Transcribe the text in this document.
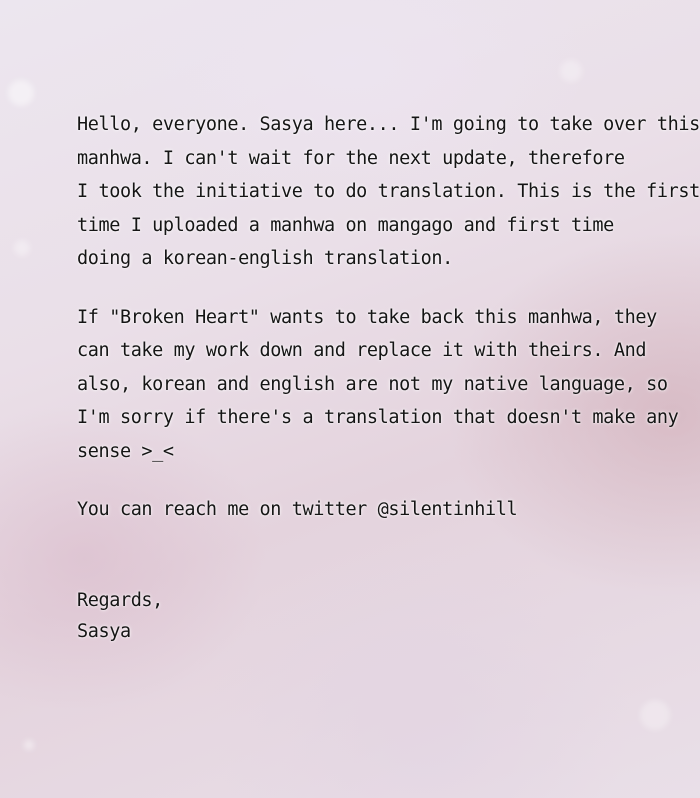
Hello, everyone. Sasya here... I'm going to take over this
manhwa. I can't wait for the next update, therefore
I took the initiative to do translation. This is the first
time I uploaded a manhwa on mangago and first time
doing a korean-english translation.
If "Broken Heart" wants to take back this manhwa, they
can take my work down and replace it with theirs. And
also, korean and english are not my native language, so
I'm sorry if there's a translation that doesn't make any
sense >_<
You can reach me on twitter @silentinhill
Regards,
Sasya
